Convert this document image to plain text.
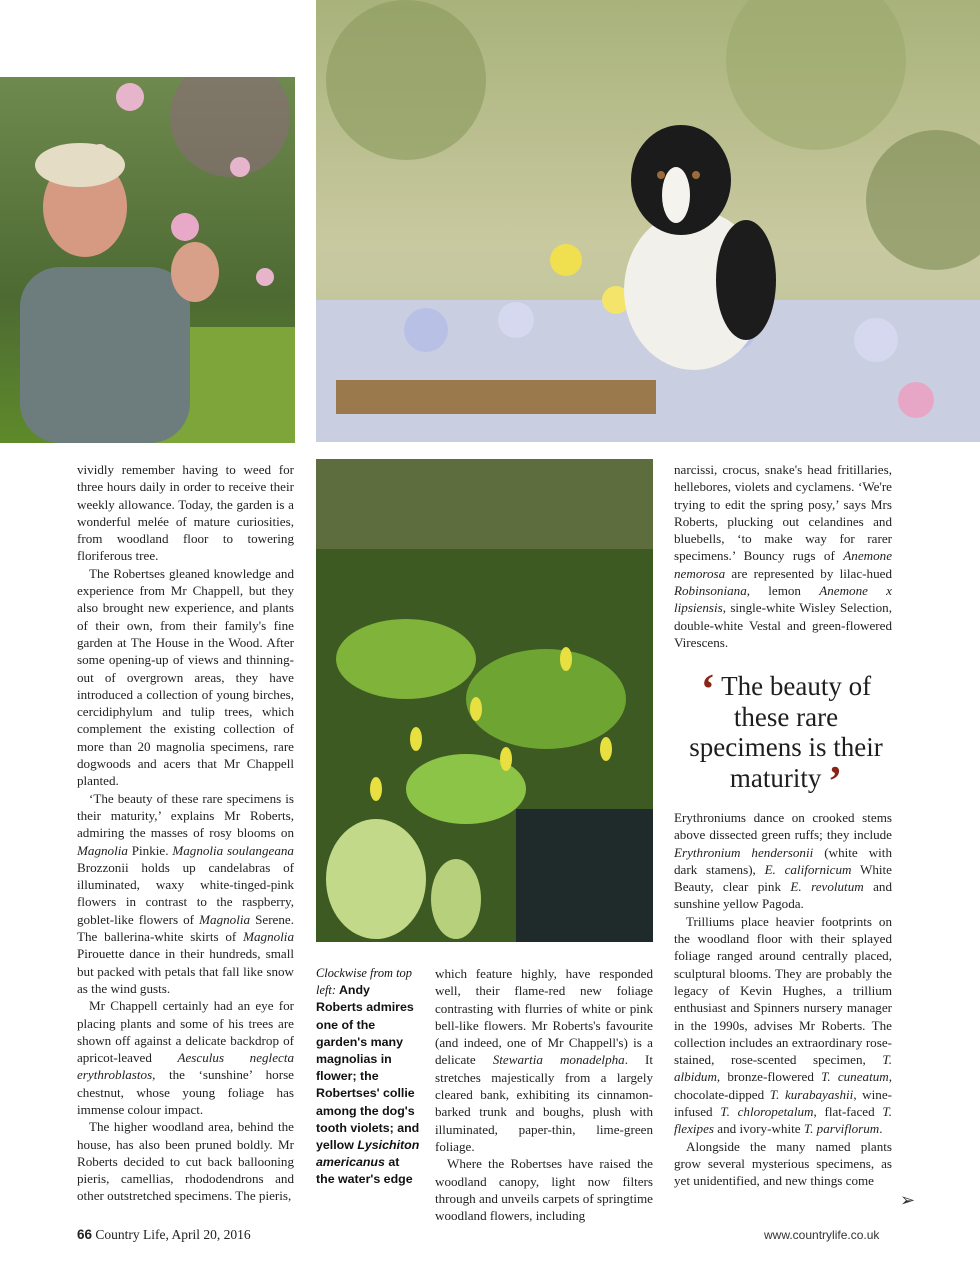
vividly remember having to weed for three hours daily in order to receive their weekly allowance. Today, the garden is a wonderful melée of mature curiosities, from woodland floor to towering floriferous tree.

The Robertses gleaned knowledge and experience from Mr Chappell, but they also brought new experience, and plants of their own, from their family's fine garden at The House in the Wood. After some opening-up of views and thinning-out of overgrown areas, they have introduced a collection of young birches, cercidiphylum and tulip trees, which complement the existing collection of more than 20 magnolia specimens, rare dogwoods and acers that Mr Chappell planted.

‘The beauty of these rare specimens is their maturity,’ explains Mr Roberts, admiring the masses of rosy blooms on Magnolia Pinkie. Magnolia soulangeana Brozzonii holds up candelabras of illuminated, waxy white-tinged-pink flowers in contrast to the raspberry, goblet-like flowers of Magnolia Serene. The ballerina-white skirts of Magnolia Pirouette dance in their hundreds, small but packed with petals that fall like snow as the wind gusts.

Mr Chappell certainly had an eye for placing plants and some of his trees are shown off against a delicate backdrop of apricot-leaved Aesculus neglecta erythroblastos, the ‘sunshine’ horse chestnut, whose young foliage has immense colour impact.

The higher woodland area, behind the house, has also been pruned boldly. Mr Roberts decided to cut back ballooning pieris, camellias, rhododendrons and other outstretched specimens. The pieris,

Clockwise from top left: Andy Roberts admires one of the garden's many magnolias in flower; the Robertses' collie among the dog's tooth violets; and yellow Lysichiton americanus at the water's edge

which feature highly, have responded well, their flame-red new foliage contrasting with flurries of white or pink bell-like flowers. Mr Roberts's favourite (and indeed, one of Mr Chappell's) is a delicate Stewartia monadelpha. It stretches majestically from a largely cleared bank, exhibiting its cinnamon-barked trunk and boughs, plush with illuminated, paper-thin, lime-green foliage.

Where the Robertses have raised the woodland canopy, light now filters through and unveils carpets of springtime woodland flowers, including

narcissi, crocus, snake's head fritillaries, hellebores, violets and cyclamens. ‘We're trying to edit the spring posy,’ says Mrs Roberts, plucking out celandines and bluebells, ‘to make way for rarer specimens.’ Bouncy rugs of Anemone nemorosa are represented by lilac-hued Robinsoniana, lemon Anemone x lipsiensis, single-white Wisley Selection, double-white Vestal and green-flowered Virescens.

‘ The beauty of these rare specimens is their maturity ’

Erythroniums dance on crooked stems above dissected green ruffs; they include Erythronium hendersonii (white with dark stamens), E. californicum White Beauty, clear pink E. revolutum and sunshine yellow Pagoda.

Trilliums place heavier footprints on the woodland floor with their splayed foliage ranged around centrally placed, sculptural blooms. They are probably the legacy of Kevin Hughes, a trillium enthusiast and Spinners nursery manager in the 1990s, advises Mr Roberts. The collection includes an extraordinary rose-stained, rose-scented specimen, T. albidum, bronze-flowered T. cuneatum, chocolate-dipped T. kurabayashii, wine-infused T. chloropetalum, flat-faced T. flexipes and ivory-white T. parviflorum.

Alongside the many named plants grow several mysterious specimens, as yet unidentified, and new things come

➢
66 Country Life, April 20, 2016	www.countrylife.co.uk
